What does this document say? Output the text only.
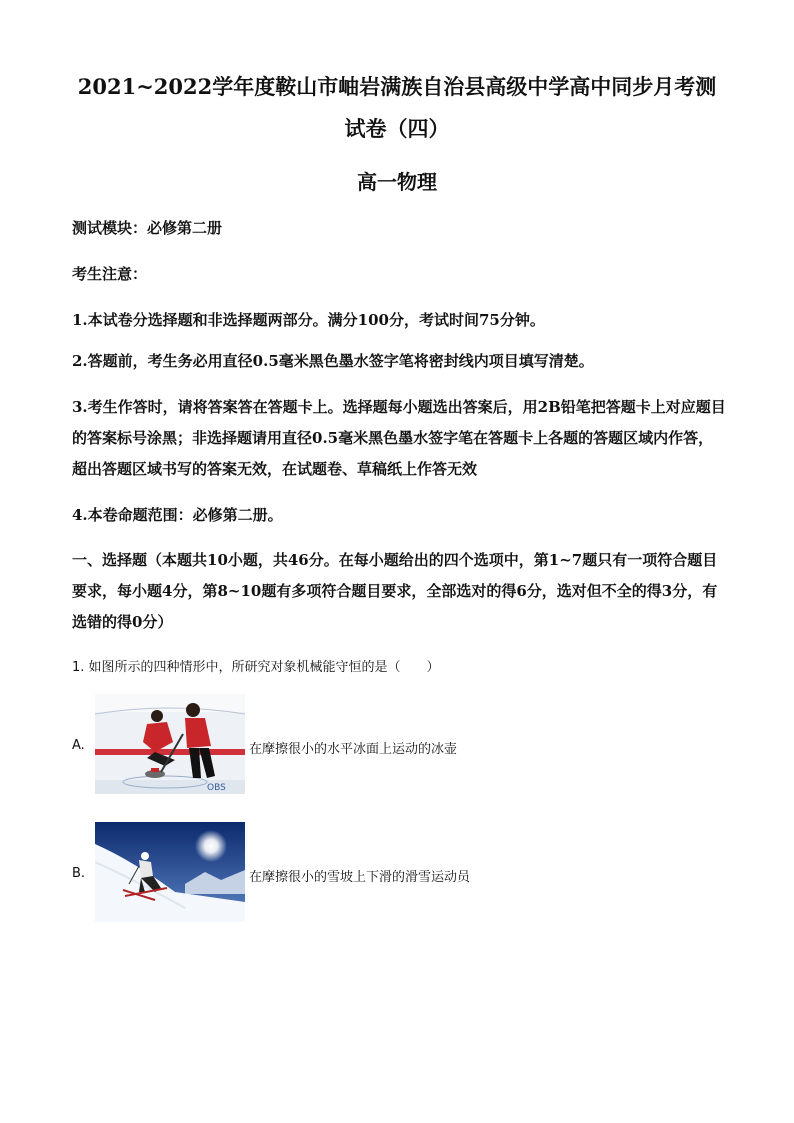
2021~2022学年度鞍山市岫岩满族自治县高级中学高中同步月考测试卷（四）
高一物理
测试模块：必修第二册
考生注意：
1.本试卷分选择题和非选择题两部分。满分100分，考试时间75分钟。
2.答题前，考生务必用直径0.5毫米黑色墨水签字笔将密封线内项目填写清楚。
3.考生作答时，请将答案答在答题卡上。选择题每小题选出答案后，用2B铅笔把答题卡上对应题目的答案标号涂黑；非选择题请用直径0.5毫米黑色墨水签字笔在答题卡上各题的答题区域内作答，超出答题区域书写的答案无效，在试题卷、草稿纸上作答无效
4.本卷命题范围：必修第二册。
一、选择题（本题共10小题，共46分。在每小题给出的四个选项中，第1~7题只有一项符合题目要求，每小题4分，第8~10题有多项符合题目要求，全部选对的得6分，选对但不全的得3分，有选错的得0分）
1. 如图所示的四种情形中，所研究对象机械能守恒的是（　　）
A.
OBS
在摩擦很小的水平冰面上运动的冰壶
B.	在摩擦很小的雪坡上下滑的滑雪运动员
